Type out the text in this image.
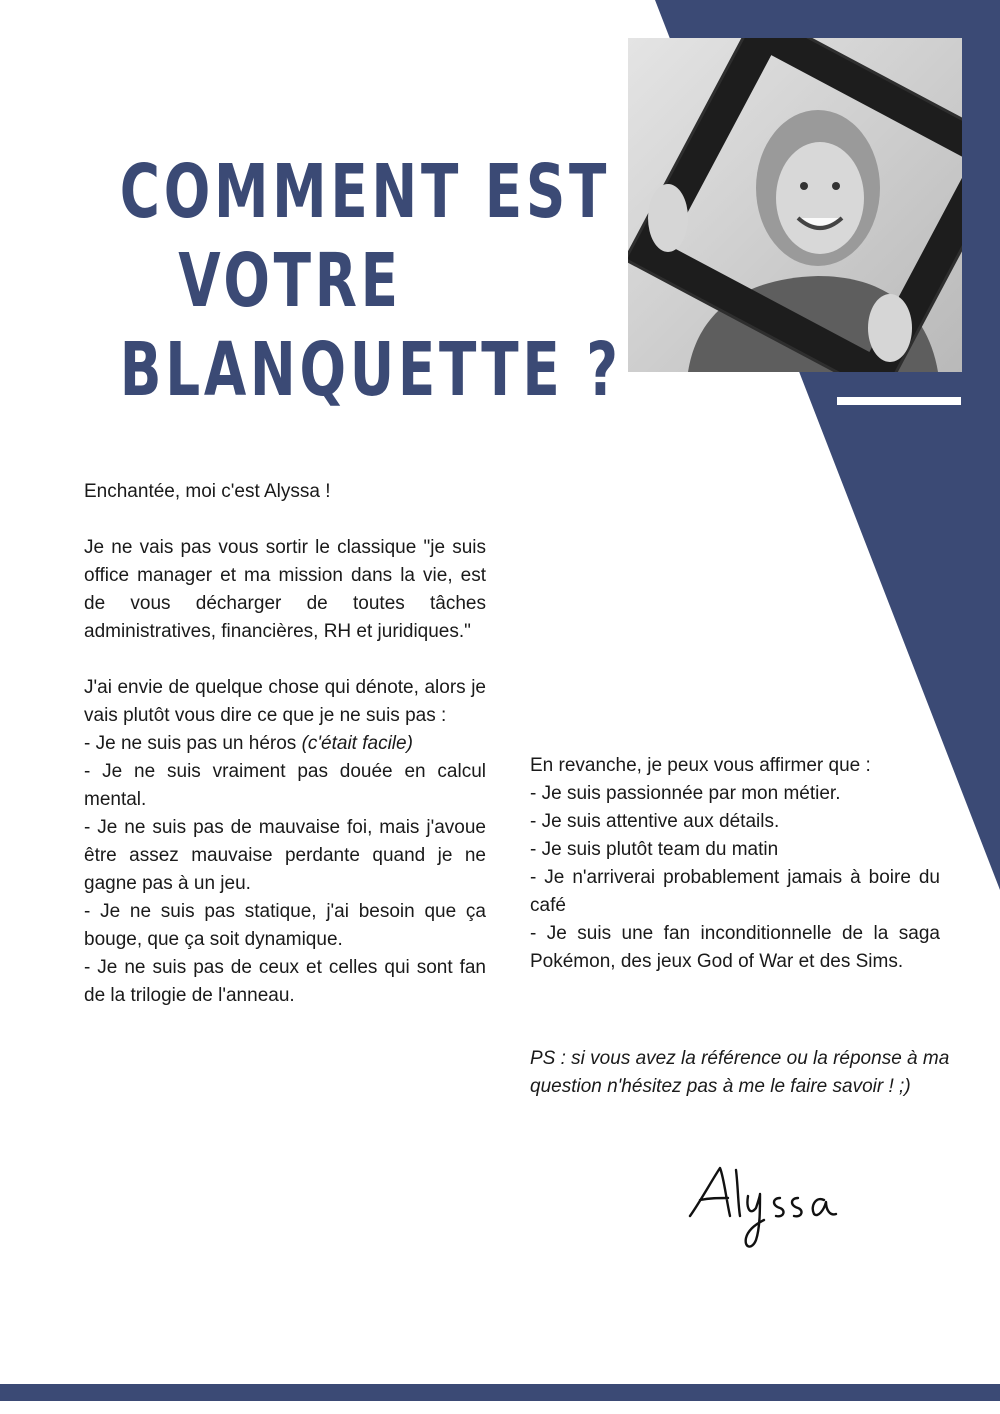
COMMENT EST
VOTRE
BLANQUETTE ?

Enchantée, moi c'est Alyssa !

Je ne vais pas vous sortir le classique "je suis office manager et ma mission dans la vie, est de vous décharger de toutes tâches administratives, financières, RH et juridiques."

J'ai envie de quelque chose qui dénote, alors je vais plutôt vous dire ce que je ne suis pas :

- Je ne suis pas un héros (c'était facile)

- Je ne suis vraiment pas douée en calcul mental.

- Je ne suis pas de mauvaise foi, mais j'avoue être assez mauvaise perdante quand je ne gagne pas à un jeu.

- Je ne suis pas statique, j'ai besoin que ça bouge, que ça soit dynamique.

- Je ne suis pas de ceux et celles qui sont fan de la trilogie de l'anneau.

En revanche, je peux vous affirmer que :

- Je suis passionnée par mon métier.

- Je suis attentive aux détails.

- Je suis plutôt team du matin

- Je n'arriverai probablement jamais à boire du café

- Je suis une fan inconditionnelle de la saga Pokémon, des jeux God of War et des Sims.

PS : si vous avez la référence ou la réponse à ma question n'hésitez pas à me le faire savoir ! ;)
